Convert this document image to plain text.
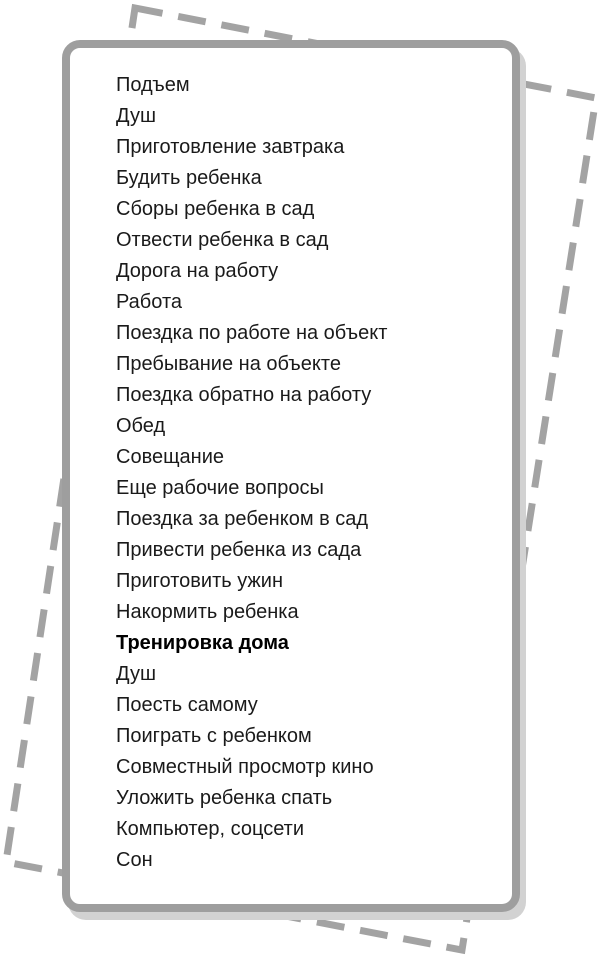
Подъем
Душ
Приготовление завтрака
Будить ребенка
Сборы ребенка в сад
Отвести ребенка в сад
Дорога на работу
Работа
Поездка по работе на объект
Пребывание на объекте
Поездка обратно на работу
Обед
Совещание
Еще рабочие вопросы
Поездка за ребенком в сад
Привести ребенка из сада
Приготовить ужин
Накормить ребенка
Тренировка дома
Душ
Поесть самому
Поиграть с ребенком
Совместный просмотр кино
Уложить ребенка спать
Компьютер, соцсети
Сон
